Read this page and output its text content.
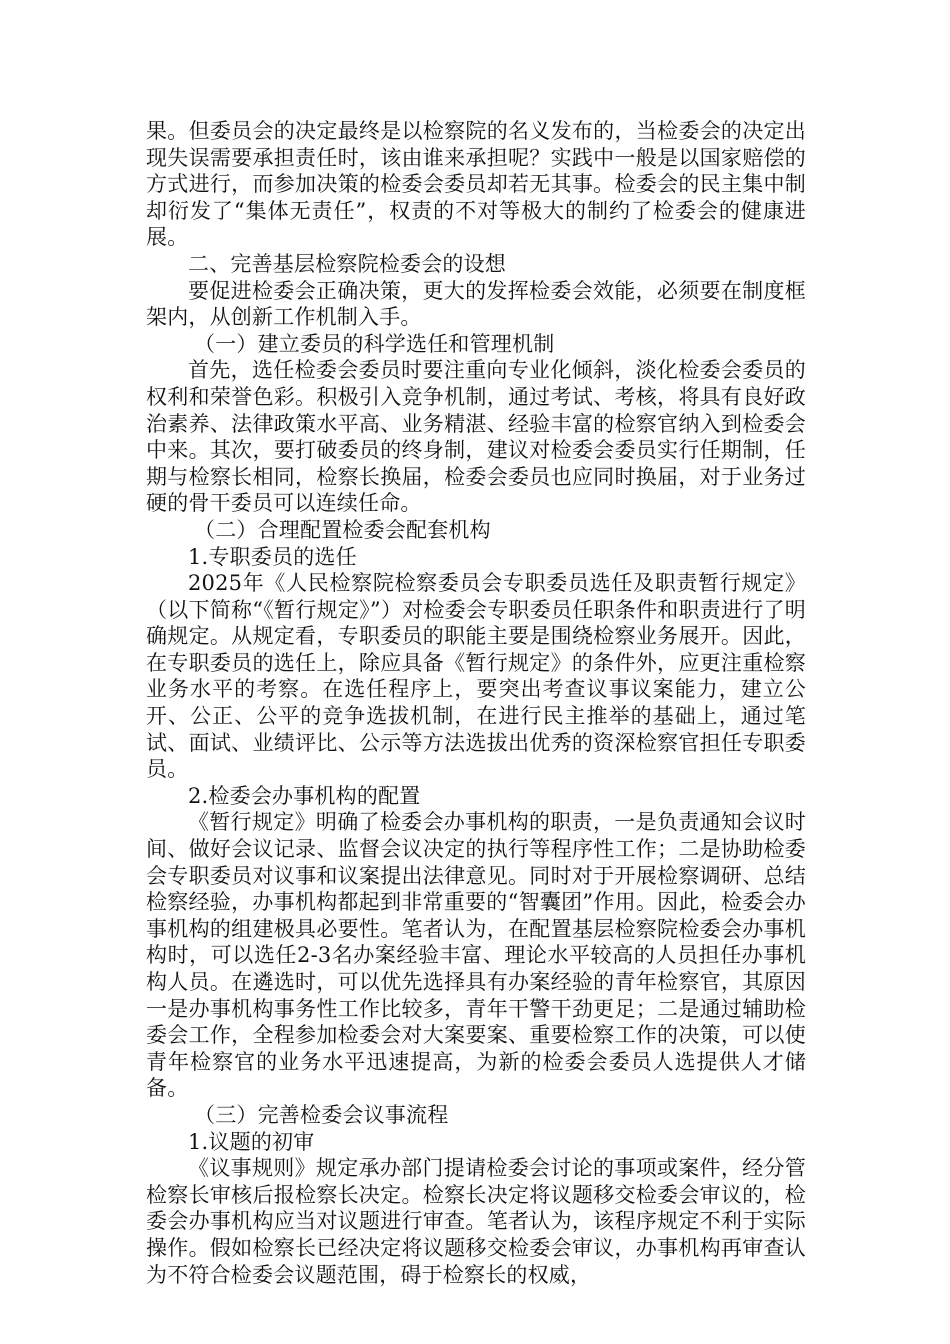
果。但委员会的决定最终是以检察院的名义发布的，当检委会的决定出现失误需要承担责任时，该由谁来承担呢？实践中一般是以国家赔偿的方式进行，而参加决策的检委会委员却若无其事。检委会的民主集中制却衍发了“集体无责任”，权责的不对等极大的制约了检委会的健康进展。

二、完善基层检察院检委会的设想

要促进检委会正确决策，更大的发挥检委会效能，必须要在制度框架内，从创新工作机制入手。

（一）建立委员的科学选任和管理机制

首先，选任检委会委员时要注重向专业化倾斜，淡化检委会委员的权利和荣誉色彩。积极引入竞争机制，通过考试、考核，将具有良好政治素养、法律政策水平高、业务精湛、经验丰富的检察官纳入到检委会中来。其次，要打破委员的终身制，建议对检委会委员实行任期制，任期与检察长相同，检察长换届，检委会委员也应同时换届，对于业务过硬的骨干委员可以连续任命。

（二）合理配置检委会配套机构

1.专职委员的选任

2025年《人民检察院检察委员会专职委员选任及职责暂行规定》（以下简称“《暂行规定》”）对检委会专职委员任职条件和职责进行了明确规定。从规定看，专职委员的职能主要是围绕检察业务展开。因此，在专职委员的选任上，除应具备《暂行规定》的条件外，应更注重检察业务水平的考察。在选任程序上，要突出考查议事议案能力，建立公开、公正、公平的竞争选拔机制，在进行民主推举的基础上，通过笔试、面试、业绩评比、公示等方法选拔出优秀的资深检察官担任专职委员。

2.检委会办事机构的配置

《暂行规定》明确了检委会办事机构的职责，一是负责通知会议时间、做好会议记录、监督会议决定的执行等程序性工作；二是协助检委会专职委员对议事和议案提出法律意见。同时对于开展检察调研、总结检察经验，办事机构都起到非常重要的“智囊团”作用。因此，检委会办事机构的组建极具必要性。笔者认为，在配置基层检察院检委会办事机构时，可以选任2-3名办案经验丰富、理论水平较高的人员担任办事机构人员。在遴选时，可以优先选择具有办案经验的青年检察官，其原因一是办事机构事务性工作比较多，青年干警干劲更足；二是通过辅助检委会工作，全程参加检委会对大案要案、重要检察工作的决策，可以使青年检察官的业务水平迅速提高，为新的检委会委员人选提供人才储备。

（三）完善检委会议事流程

1.议题的初审

《议事规则》规定承办部门提请检委会讨论的事项或案件，经分管检察长审核后报检察长决定。检察长决定将议题移交检委会审议的，检委会办事机构应当对议题进行审查。笔者认为，该程序规定不利于实际操作。假如检察长已经决定将议题移交检委会审议，办事机构再审查认为不符合检委会议题范围，碍于检察长的权威，
